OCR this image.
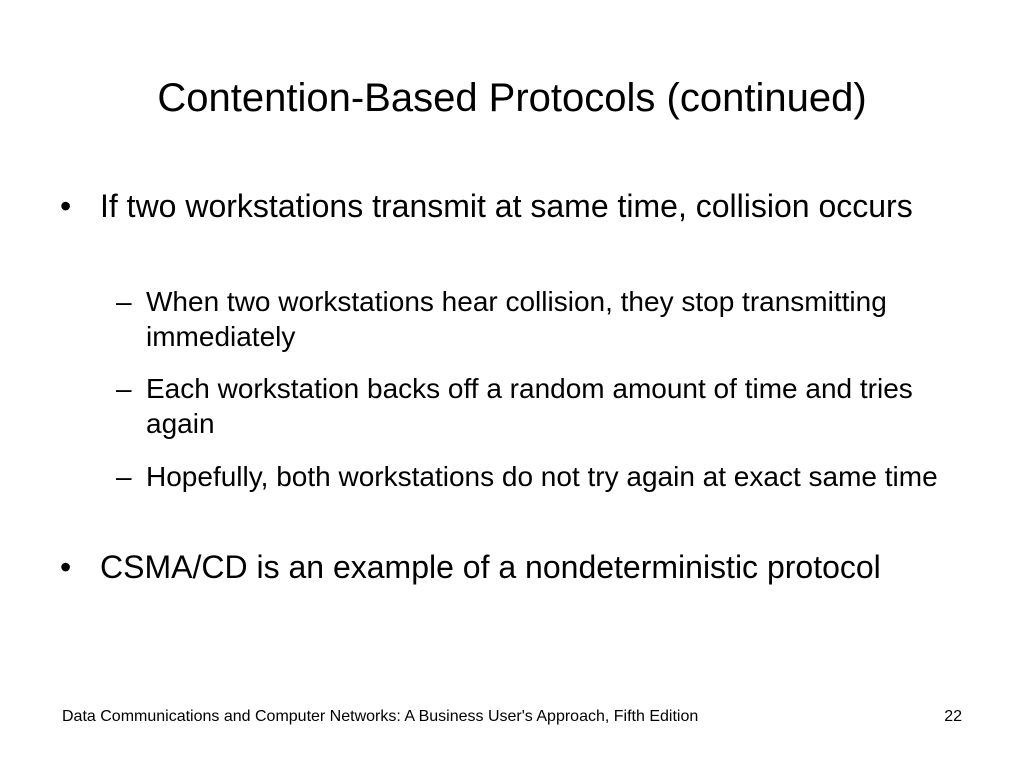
Contention-Based Protocols (continued)
• If two workstations transmit at same time, collision occurs
– When two workstations hear collision, they stop transmitting immediately
– Each workstation backs off a random amount of time and tries again
– Hopefully, both workstations do not try again at exact same time
• CSMA/CD is an example of a nondeterministic protocol
Data Communications and Computer Networks: A Business User's Approach, Fifth Edition	22
